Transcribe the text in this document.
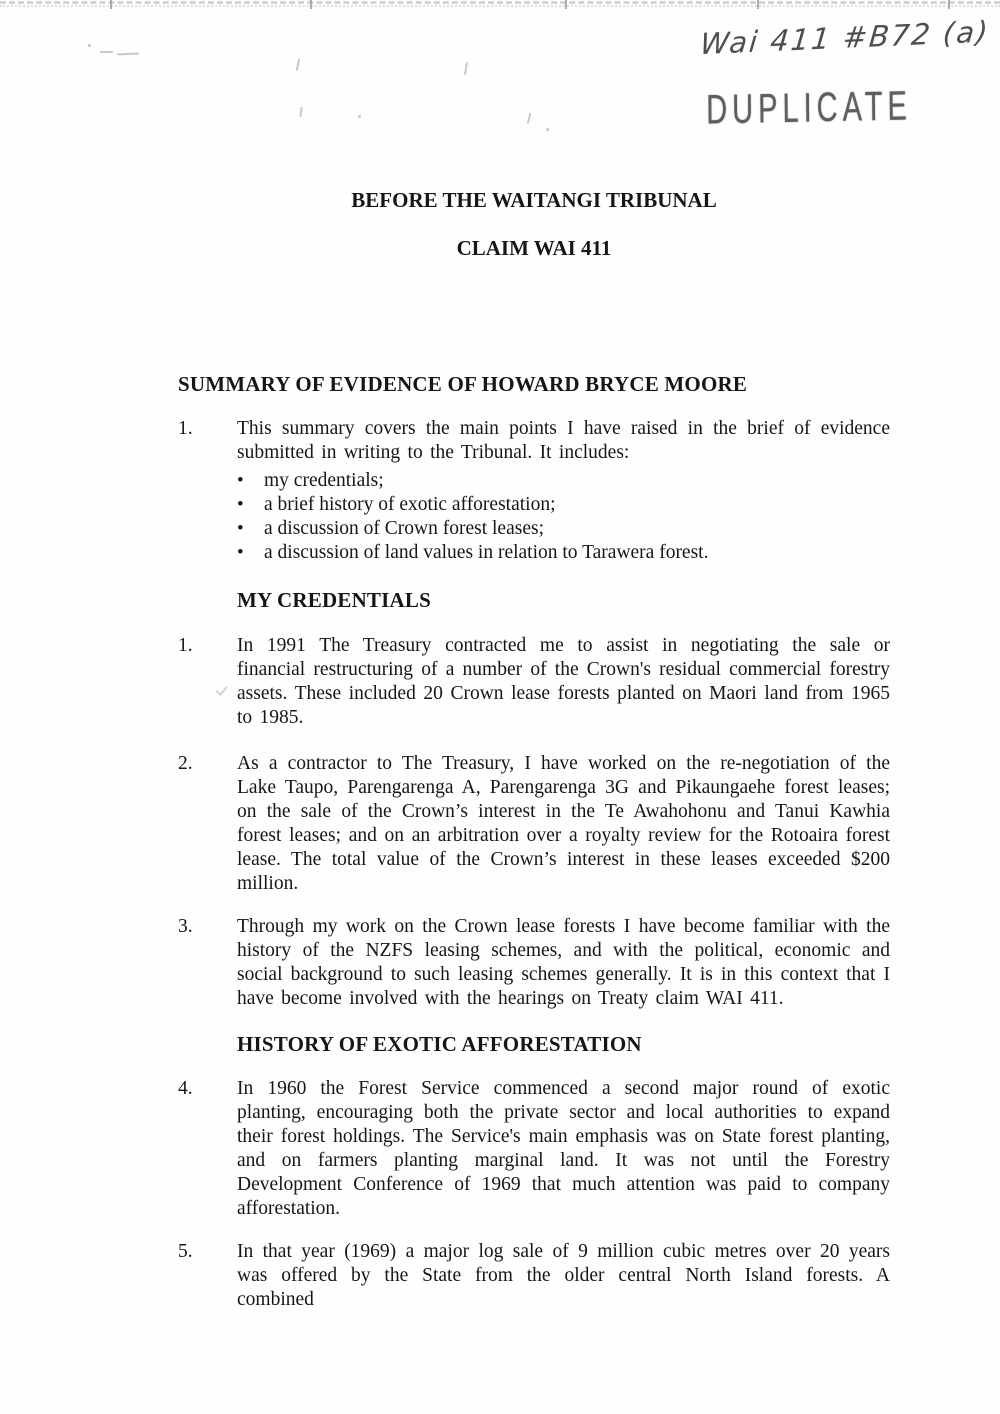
Wai 411 #B72 (a)
DUPLICATE
BEFORE THE WAITANGI TRIBUNAL
CLAIM WAI 411
SUMMARY OF EVIDENCE OF HOWARD BRYCE MOORE
1.	This summary covers the main points I have raised in the brief of evidence submitted in writing to the Tribunal. It includes:
•	my credentials;
•	a brief history of exotic afforestation;
•	a discussion of Crown forest leases;
•	a discussion of land values in relation to Tarawera forest.
MY CREDENTIALS
1.	In 1991 The Treasury contracted me to assist in negotiating the sale or financial restructuring of a number of the Crown's residual commercial forestry assets. These included 20 Crown lease forests planted on Maori land from 1965 to 1985.
2.	As a contractor to The Treasury, I have worked on the re-negotiation of the Lake Taupo, Parengarenga A, Parengarenga 3G and Pikaungaehe forest leases; on the sale of the Crown’s interest in the Te Awahohonu and Tanui Kawhia forest leases; and on an arbitration over a royalty review for the Rotoaira forest lease. The total value of the Crown’s interest in these leases exceeded $200 million.
3.	Through my work on the Crown lease forests I have become familiar with the history of the NZFS leasing schemes, and with the political, economic and social background to such leasing schemes generally. It is in this context that I have become involved with the hearings on Treaty claim WAI 411.
HISTORY OF EXOTIC AFFORESTATION
4.	In 1960 the Forest Service commenced a second major round of exotic planting, encouraging both the private sector and local authorities to expand their forest holdings. The Service's main emphasis was on State forest planting, and on farmers planting marginal land. It was not until the Forestry Development Conference of 1969 that much attention was paid to company afforestation.
5.	In that year (1969) a major log sale of 9 million cubic metres over 20 years was offered by the State from the older central North Island forests. A combined
